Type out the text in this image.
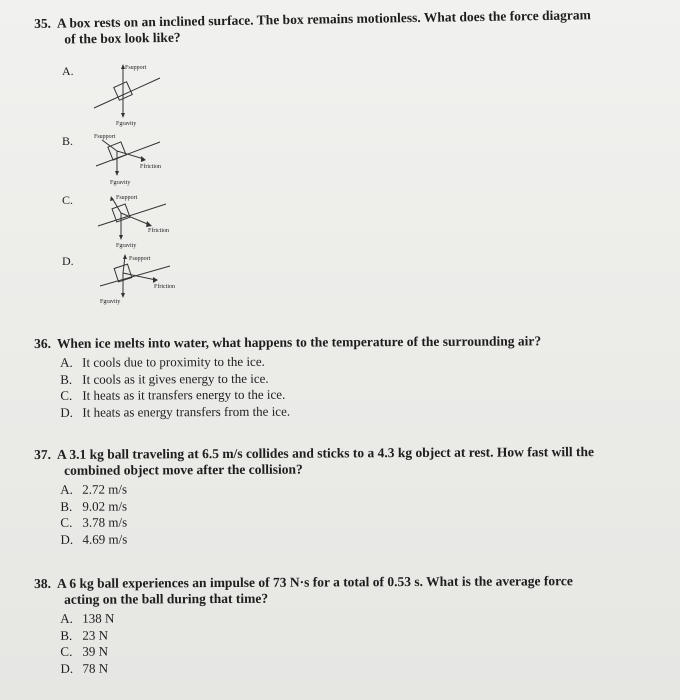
35. A box rests on an inclined surface. The box remains motionless. What does the force diagram
of the box look like?
A.
B.
C.
D.
Fsupport
Fgravity
Fsupport
Ffriction
Fgravity
Fsupport
Ffriction
Fgravity
Fsupport
Ffriction
Fgravity
36. When ice melts into water, what happens to the temperature of the surrounding air?
A. It cools due to proximity to the ice.
B. It cools as it gives energy to the ice.
C. It heats as it transfers energy to the ice.
D. It heats as energy transfers from the ice.
37. A 3.1 kg ball traveling at 6.5 m/s collides and sticks to a 4.3 kg object at rest. How fast will the
combined object move after the collision?
A. 2.72 m/s
B. 9.02 m/s
C. 3.78 m/s
D. 4.69 m/s
38. A 6 kg ball experiences an impulse of 73 N·s for a total of 0.53 s. What is the average force
acting on the ball during that time?
A. 138 N
B. 23 N
C. 39 N
D. 78 N
